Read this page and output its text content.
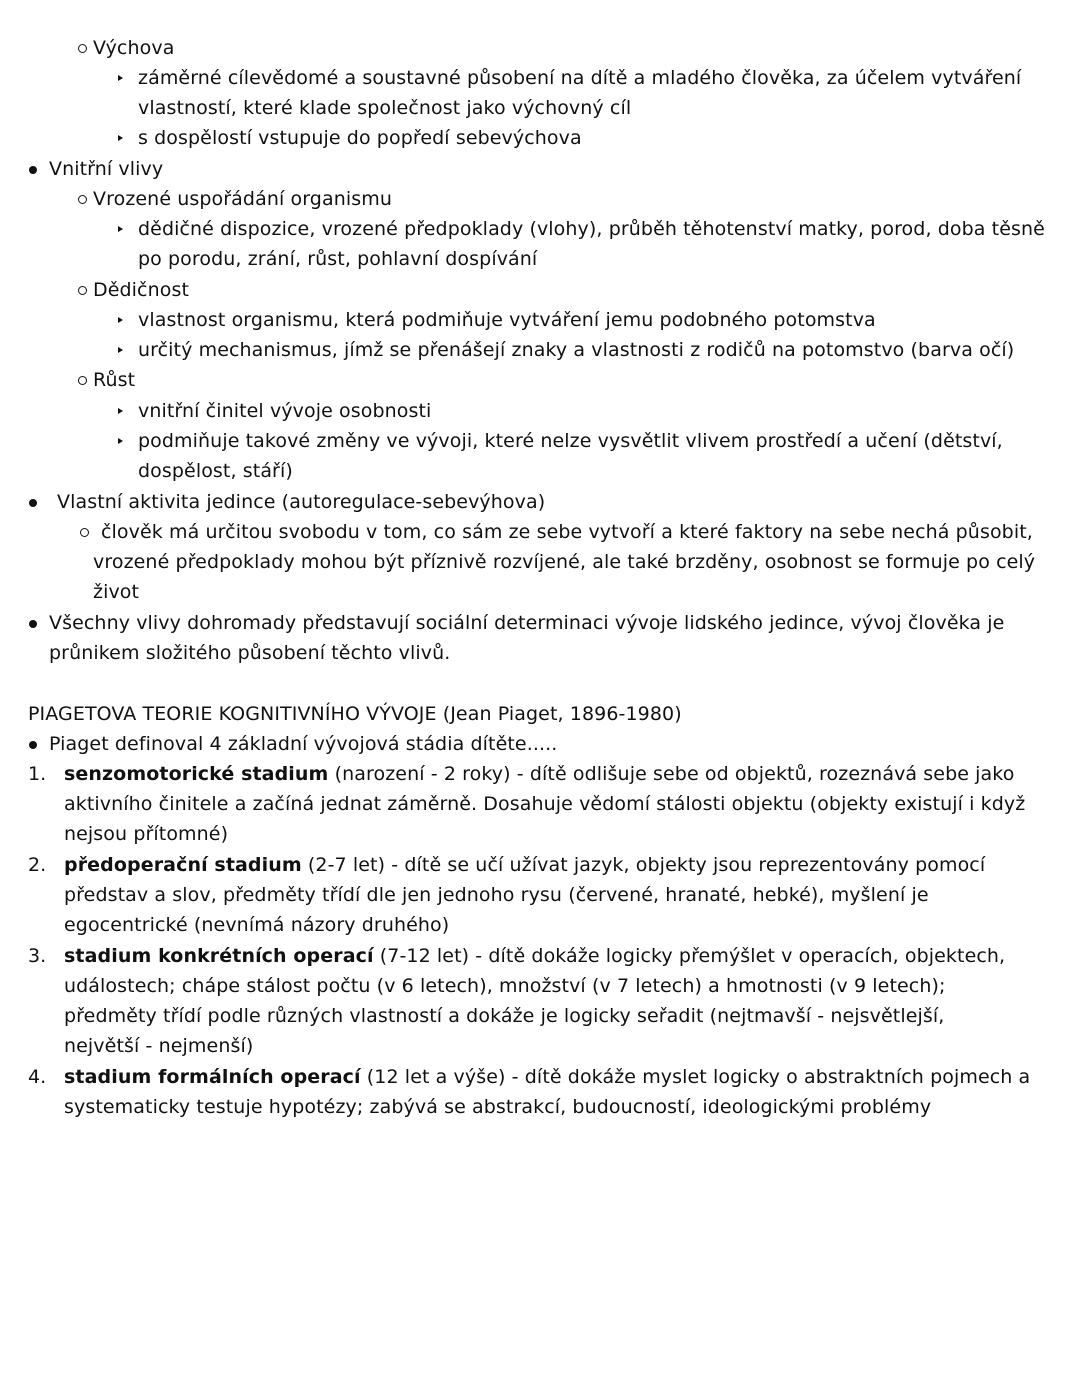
Výchova
záměrné cílevědomé a soustavné působení na dítě a mladého člověka, za účelem vytváření
vlastností, které klade společnost jako výchovný cíl
s dospělostí vstupuje do popředí sebevýchova
Vnitřní vlivy
Vrozené uspořádání organismu
dědičné dispozice, vrozené předpoklady (vlohy), průběh těhotenství matky, porod, doba těsně
po porodu, zrání, růst, pohlavní dospívání
Dědičnost
vlastnost organismu, která podmiňuje vytváření jemu podobného potomstva
určitý mechanismus, jímž se přenášejí znaky a vlastnosti z rodičů na potomstvo (barva očí)
Růst
vnitřní činitel vývoje osobnosti
podmiňuje takové změny ve vývoji, které nelze vysvětlit vlivem prostředí a učení (dětství,
dospělost, stáří)
Vlastní aktivita jedince (autoregulace-sebevýhova)
člověk má určitou svobodu v tom, co sám ze sebe vytvoří a které faktory na sebe nechá působit,
vrozené předpoklady mohou být příznivě rozvíjené, ale také brzděny, osobnost se formuje po celý
život
Všechny vlivy dohromady představují sociální determinaci vývoje lidského jedince, vývoj člověka je
průnikem složitého působení těchto vlivů.
PIAGETOVA TEORIE KOGNITIVNÍHO VÝVOJE (Jean Piaget, 1896-1980)
Piaget definoval 4 základní vývojová stádia dítěte.....
1. senzomotorické stadium (narození - 2 roky) - dítě odlišuje sebe od objektů, rozeznává sebe jako
aktivního činitele a začíná jednat záměrně. Dosahuje vědomí stálosti objektu (objekty existují i když
nejsou přítomné)
2. předoperační stadium (2-7 let) - dítě se učí užívat jazyk, objekty jsou reprezentovány pomocí
představ a slov, předměty třídí dle jen jednoho rysu (červené, hranaté, hebké), myšlení je
egocentrické (nevnímá názory druhého)
3. stadium konkrétních operací (7-12 let) - dítě dokáže logicky přemýšlet v operacích, objektech,
událostech; chápe stálost počtu (v 6 letech), množství (v 7 letech) a hmotnosti (v 9 letech);
předměty třídí podle různých vlastností a dokáže je logicky seřadit (nejtmavší - nejsvětlejší,
největší - nejmenší)
4. stadium formálních operací (12 let a výše) - dítě dokáže myslet logicky o abstraktních pojmech a
systematicky testuje hypotézy; zabývá se abstrakcí, budoucností, ideologickými problémy
